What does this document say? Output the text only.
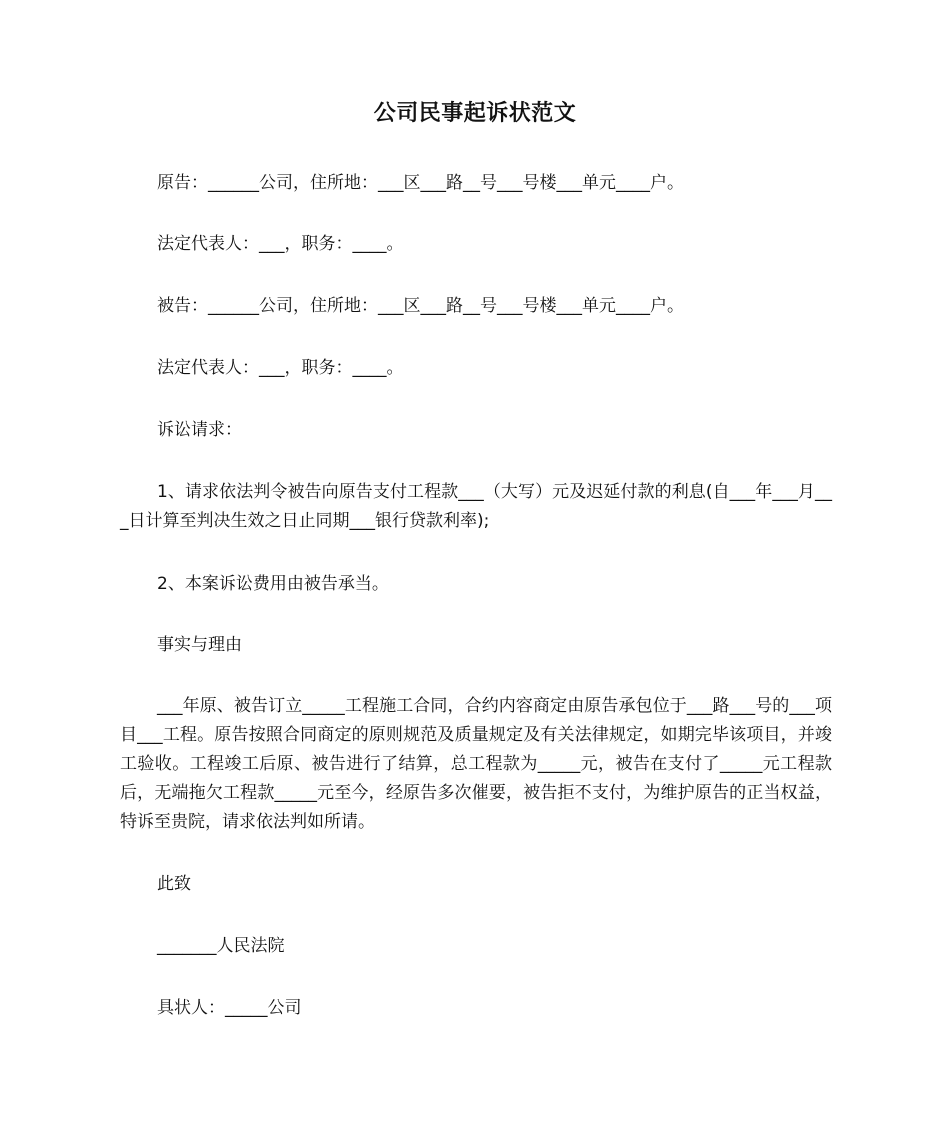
公司民事起诉状范文
原告：______公司，住所地：___区___路__号___号楼___单元____户。
法定代表人：___，职务：____。
被告：______公司，住所地：___区___路__号___号楼___单元____户。
法定代表人：___，职务：____。
诉讼请求：
1、请求依法判令被告向原告支付工程款___（大写）元及迟延付款的利息(自___年___月___日计算至判决生效之日止同期___银行贷款利率);
2、本案诉讼费用由被告承当。
事实与理由
___年原、被告订立_____工程施工合同，合约内容商定由原告承包位于___路___号的___项目___工程。原告按照合同商定的原则规范及质量规定及有关法律规定，如期完毕该项目，并竣工验收。工程竣工后原、被告进行了结算，总工程款为_____元，被告在支付了_____元工程款后，无端拖欠工程款_____元至今，经原告多次催要，被告拒不支付，为维护原告的正当权益，特诉至贵院，请求依法判如所请。
此致
_______人民法院
具状人：_____公司
